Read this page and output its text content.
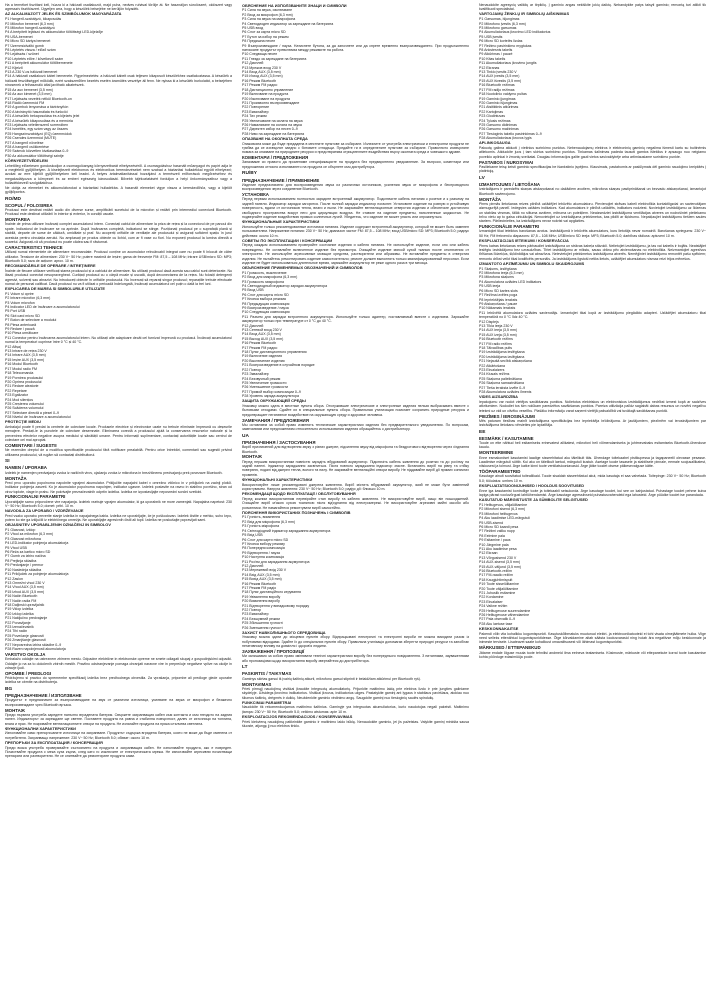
Ha a terméket tisztítani kell, húzza ki a hálózati csatlakozót, majd puha, nedves ruhával törölje át. Ne használjon súrolószert, oldószert vagy agresszív tisztítószert. Ügyeljen arra, hogy a készülék belsejébe ne kerüljön folyadék.
AZ ALKALMAZOTT JELEK ÉS SZIMBÓLUMOK MAGYARÁZATA
P1 Hangerő-szabályzó, kikapcsolás
P2 Mikrofon bemenet (6,3 mm)
P3 Mikrofon hangerő-szabályzó
P4 A beépített lejátszó és akkumulátor töltöttségi LED-kijelzője
P5 USA-bemenet
P6 Micro SD kártya bemenet
P7 Üzemmódváltó gomb
P8 Léptetés vissza / előző szám
P9 Lejátszás / szünet
P10 Léptetés előre / következő szám
P11 A beépített akkumulátor töltőbemenete
P12 Kijelző
P13 A 230 V-os hálózati bemenet
P14 A hálózati csatlakozó kábel bemenete. Figyelmeztetés: a hálózati kábelt csak teljesen kikapcsolt készülékhez csatlakoztassa. A készülék a hálózati feszültséggel működik, ezért szakszerűtlen kezelés esetén áramütés veszélye áll fenn. Ne nyissa ki a készülék burkolatát, a belsejében nincsenek a felhasználó által javítható alkatrészek.
P15 Az aux bemenet (3,5 mm)
P16 Az aux kimenet (3,5 mm)
P17 Lejátszás vezeték nélkül Bluetooth-on
P18 Rádió üzemmód FM
P19 A gombok lenyomása a távirányítón
P20 A távirányító használata és funkciói
P21 A készülék bekapcsolása és a kijelzés jelei
P22 A készülék kikapcsolása és a memória
P23 Lejátszás véletlenszerű sorrendben
P24 Ismétlés, egy szám vagy az összes
P25 Hangszínszabályzó (EQ) üzemmódok
P26 Csendes üzemmód (MUTE)
P27 A hangerő növelése
P28 A hangerő csökkentése
P29 Számok közvetlen kiválasztása 0–9
P30 Az akkumulátor töltöttségi szintje
KÖRNYEZETVÉDELEM
Lehetőleg előzetesen gondoskodjon a csomagolóanyag környezetbarát elhelyezéséről. A csomagoláshoz használt műanyagot és papírt adja le a megfelelő gyűjtőhelyen. A kiselejtezett elektromos és elektronikus berendezéseket nem szabad a háztartási hulladékkal együtt elhelyezni; azokat az erre kijelölt gyűjtőhelyeken kell leadni. A helyes ártalmatlanítással hozzájárul a természeti erőforrások megőrzéséhez és megakadályozza a környezet és az emberi egészség károsodását. Bővebb tájékoztatásért forduljon a helyi önkormányzathoz vagy a hulladékkezelő szolgáltatóhoz.
Ne dobja az elemeket és akkumulátorokat a háztartási hulladékba. A használt elemeket vigye vissza a kereskedőhöz, vagy a kijelölt gyűjtőpontra.
RO/MD
SCOPUL / FOLOSIREA
Produsul este destinat redării audio din diverse surse, amplificării sunetului de la microfon și redării prin intermediul conexiunii Bluetooth. Produsul este destinat utilizării în interior și exterior, în condiții uscate.
MONTAREA
Înainte de prima utilizare încărcați complet acumulatorul intern. Conectați cablul de alimentare la priza de rețea și la conectorul de pe panoul din spate. Indicatorul de încărcare se va aprinde. După încărcarea completă, indicatorul se stinge. Poziționați produsul pe o suprafață plană și stabilă, departe de surse de căldură, umiditate și praf. Nu acoperiți orificiile de ventilație ale produsului și asigurați suficient spațiu în jurul acestuia pentru circulația aerului. Nu amplasați pe produs obiecte cu lichid, cum ar fi vase cu flori. Nu expuneți produsul la lumina directă a soarelui. Asigurați-vă că produsul nu poate cădea sau fi răsturnat.
CARACTERISTICI TEHNICE
Utilizați numai elementele de alimentare recomandate. Produsul conține un acumulator reîncărcabil integrat care nu poate fi înlocuit de către utilizator. Tensiune de alimentare: 230 V~ 50 Hz; putere maximă de ieșire; gama de frecvențe FM: 87,5 – 108 MHz; intrare USB/micro SD: MP3; Bluetooth 5.0; raza de acțiune: aprox. 10 m.
RECOMANDĂRILE DE OPERARE / INTREȚINERE
Înainte de fiecare utilizare verificați starea produsului și a cablului de alimentare. Nu utilizați produsul dacă acesta sau cablul sunt deteriorate. Nu lăsați produsul conectat nesupravegheat. Curățați produsul cu o cârpă moale și uscată, după deconectarea de la rețea. Nu folosiți detergenți agresivi, solvenți sau abrazivi. Nu introduceți obiecte în orificiile produsului. Nu încercați să reparați singur produsul; reparațiile trebuie efectuate numai de personal calificat. Dacă produsul nu va fi utilizat o perioadă îndelungată, încărcați acumulatorul cel puțin o dată la trei luni.
EXPLICAREA DE MAREA SI SIMBOLURILE UTILIZATE
P1 Volum și oprire
P2 Intrare microfon (6,3 mm)
P3 Volum microfon
P4 Indicator LED de încărcare a acumulatorului
P5 Port USB
P6 Slot card micro SD
P7 Buton de selectare a modului
P8 Piesa anterioară
P9 Redare / pauză
P10 Piesa următoare
P11 Conector pentru încărcarea acumulatorului intern. Nu utilizați alte adaptoare decât cel furnizat împreună cu produsul. Încărcați acumulatorul numai la temperaturi cuprinse între 0 °C și 40 °C.
P12 Afișaj
P13 Intrare de rețea 230 V
P14 Intrare AUX (3,5 mm)
P15 Ieșire AUX (3,5 mm)
P16 Modul Bluetooth
P17 Modul radio FM
P18 Telecomanda
P19 Pornirea produsului
P20 Oprirea produsului
P21 Redare aleatorie
P22 Repetare
P23 Egalizator
P24 Mod silențios
P25 Creșterea volumului
P26 Scăderea volumului
P27 Selectare directă a piesei 0–9
P28 Nivelul de încărcare a acumulatorului
PROTECȚIE MEDIU
Ambalajul poate fi predat la centrele de colectare locale. Produsele electrice și electronice uzate nu trebuie eliminate împreună cu deșeurile menajere. Predați-le la punctele de colectare desemnate. Eliminarea corectă a produsului ajută la conservarea resurselor naturale și la prevenirea efectelor negative asupra mediului și sănătății umane. Pentru informații suplimentare, contactați autoritățile locale sau centrul de colectare cel mai apropiat.
COMENTARII / SUGESTII
Ne rezervăm dreptul de a modifica specificațiile produsului fără notificare prealabilă. Pentru orice întrebări, comentarii sau sugestii privind utilizarea produsului, vă rugăm să contactați distribuitorul.
SI
NAMEN / UPORABA
Izdelek je namenjen predvajanju zvoka iz različnih virov, ojačanju zvoka iz mikrofona in brezžičnemu predvajanju prek povezave Bluetooth.
MONTAŽA
Pred prvo uporabo popolnoma napolnite vgrajeni akumulator. Priključite napajalni kabel v omrežno vtičnico in v priključek na zadnji plošči. Indikator polnjenja zasveti. Ko je akumulator popolnoma napolnjen, indikator ugasne. Izdelek postavite na ravno in stabilno površino, stran od virov toplote, vlage in prahu. Ne pokrivajte prezračevalnih odprtin izdelka. Izdelka ne izpostavljajte neposredni sončni svetlobi.
FUNKCIONALNI PARAMETRI
Uporabljajte samo priporočene vire napajanja. Izdelek vsebuje vgrajen akumulator, ki ga uporabnik ne more zamenjati. Napajalna napetost: 230 V~ 50 Hz; Bluetooth 5.0; domet: pribl. 10 m.
NAVODILA ZA UPORABO / VZDRŽEVANJE
Pred vsako uporabo preverite stanje izdelka in napajalnega kabla. Izdelka ne uporabljajte, če je poškodovan. Izdelek čistite z mehko, suho krpo, potem ko ste ga izključili iz električnega omrežja. Ne uporabljajte agresivnih čistil ali topil. Izdelka ne poskušajte popravljati sami.
OBJASNITEV UPORABLJENIH OZNAČENJ IN SIMBOLOV
P1 Glasnost, izklop
P2 Vhod za mikrofon (6,3 mm)
P3 Glasnost mikrofona
P4 LED-indikator polnjenja akumulatorja
P5 Vhod USB
P6 Reža za kartico micro SD
P7 Gumb za izbiro načina
P8 Prejšnja skladba
P9 Predvajanje / premor
P10 Naslednja skladba
P11 Priključek za polnjenje akumulatorja
P12 Zaslon
P13 Omrežni vhod 230 V
P14 Vhod AUX (3,5 mm)
P15 Izhod AUX (3,5 mm)
P16 Način Bluetooth
P17 Način radia FM
P18 Daljinski upravljalnik
P19 Vklop izdelka
P20 Izklop izdelka
P21 Naključno predvajanje
P22 Ponavljanje
P23 Izenačevalnik
P24 Tihi način
P25 Povečanje glasnosti
P26 Zmanjšanje glasnosti
P27 Neposredna izbira skladbe 0–9
P28 Raven napolnjenosti akumulatorja
VARSTVO OKOLJA
Embalažo oddajte na ustreznem zbirnem mestu. Odpadne električne in elektronske opreme ne smete odlagati skupaj z gospodinjskimi odpadki. Oddajte jo na za to določenih zbirnih mestih. Pravilno odstranjevanje pomaga ohranjati naravne vire in preprečuje negativne vplive na okolje in zdravje ljudi.
OPOMBE / PREDLOGI
Pridržujemo si pravico do spremembe specifikacij izdelka brez predhodnega obvestila. Za vprašanja, pripombe ali predloge glede uporabe izdelka se obrnite na distributerja.
BG
ПРЕДНАЗНАЧЕНИЕ / ИЗПОЛЗВАНЕ
Продуктът е предназначен за възпроизвеждане на звук от различни източници, усилване на звука от микрофон и безжично възпроизвеждане чрез Bluetooth връзка.
МОНТАЖ
Преди първата употреба заредете напълно вградената батерия. Свържете захранващия кабел към контакта и към гнездото на задния панел. Индикаторът за зареждане ще светне. Поставете продукта на равна и стабилна повърхност, далеч от източници на топлина, влага и прах. Не покривайте вентилационните отвори на продукта. Не излагайте продукта на пряка слънчева светлина.
ФУНКЦИОНАЛНИ ХАРАКТЕРИСТИКИ
Използвайте само препоръчаните източници на захранване. Продуктът съдържа вградена батерия, която не може да бъде сменена от потребителя. Захранващо напрежение: 230 V~ 50 Hz; Bluetooth 5.0; обхват: около 10 m.
ПРЕПОРЪКИ ЗА ЕКСПЛОАТАЦИЯ / КОНСЕРВАЦИЯ
Преди всяка употреба проверявайте състоянието на продукта и захранващия кабел. Не използвайте продукта, ако е повреден. Почиствайте продукта с мека суха кърпа, след като го изключите от електрическата мрежа. Не използвайте агресивни почистващи препарати или разтворители. Не се опитвайте да ремонтирате продукта сами.
ОБЯСНЕНИЕ НА ИЗПОЛЗВАНИТЕ ЗНАЦИ И СИМВОЛИ
P1 Сила на звука, изключване
P2 Вход за микрофон (6,3 mm)
P3 Сила на звука на микрофона
P4 Светодиоден индикатор за зареждане на батерията
P5 USB вход
P6 Слот за карта micro SD
P7 Бутон за избор на режим
P8 Предишна песен
P9 Възпроизвеждане / пауза. Натиснете бутона, за да започнете или да спрете временно възпроизвеждането. При продължително натискане продуктът превключва между режимите на работа.
P10 Следваща песен
P11 Гнездо за зареждане на батерията
P12 Дисплей
P13 Мрежов вход 230 V
P14 Вход AUX (3,5 mm)
P15 Изход AUX (3,5 mm)
P16 Режим Bluetooth
P17 Режим FM радио
P18 Дистанционно управление
P19 Включване на продукта
P20 Изключване на продукта
P21 Произволно възпроизвеждане
P22 Повторение
P23 Еквалайзер
P24 Тих режим
P25 Увеличаване на силата на звука
P26 Намаляване на силата на звука
P27 Директен избор на песен 0–9
P28 Ниво на зареждане на батерията
ОПАЗВАНЕ НА ОКОЛНАТА СРЕДА
Опаковката може да бъде предадена в местните пунктове за събиране. Излезлите от употреба електрически и електронни продукти не трябва да се изхвърлят заедно с битовите отпадъци. Предайте ги в определените пунктове за събиране. Правилното изхвърляне помага за опазване на природните ресурси и предотвратява отрицателните въздействия върху околната среда и човешкото здраве.
КОМЕНТАРИ / ПРЕДЛОЖЕНИЯ
Запазваме си правото да променяме спецификациите на продукта без предварително уведомление. За въпроси, коментари или предложения относно използването на продукта се обърнете към дистрибутора.
RU/BY
ПРЕДНАЗНАЧЕНИЕ / ПРИМЕНЕНИЕ
Изделие предназначено для воспроизведения звука из различных источников, усиления звука от микрофона и беспроводного воспроизведения через соединение Bluetooth.
УСТАНОВКА
Перед первым использованием полностью зарядите встроенный аккумулятор. Подключите кабель питания к розетке и к разъему на задней панели. Индикатор зарядки загорится. После полной зарядки индикатор погаснет. Установите изделие на ровную и устойчивую поверхность, вдали от источников тепла, влаги и пыли. Не закрывайте вентиляционные отверстия изделия и обеспечьте достаточно свободного пространства вокруг него для циркуляции воздуха. Не ставьте на изделие предметы, наполненные жидкостью. Не подвергайте изделие воздействию прямых солнечных лучей. Убедитесь, что изделие не может упасть или опрокинуться.
ФУНКЦИОНАЛЬНЫЕ ХАРАКТЕРИСТИКИ
Используйте только рекомендованные источники питания. Изделие содержит встроенный аккумулятор, который не может быть заменен пользователем. Напряжение питания: 230 V~ 50 Hz; диапазон частот FM: 87,5 – 108 MHz; вход USB/micro SD: MP3; Bluetooth 5.0; радиус действия: около 10 m.
СОВЕТЫ ПО ЭКСПЛУАТАЦИИ / КОНСЕРВАЦИИ
Перед каждым использованием проверяйте состояние изделия и кабеля питания. Не используйте изделие, если оно или кабель повреждены. Не оставляйте включенное изделие без присмотра. Очищайте изделие мягкой сухой тканью после отключения от электросети. Не используйте агрессивные моющие средства, растворители или абразивы. Не вставляйте предметы в отверстия изделия. Не пытайтесь ремонтировать изделие самостоятельно; ремонт должен выполнять только квалифицированный персонал. Если изделие не будет использоваться длительное время, заряжайте аккумулятор не реже одного раза в три месяца.
ОБЪЯСНЕНИЕ ПРИМЕНЯЕМЫХ ОБОЗНАЧЕНИЙ И СИМВОЛОВ
P1 Громкость, выключение
P2 Вход для микрофона (6,3 mm)
P3 Громкость микрофона
P4 Светодиодный индикатор зарядки аккумулятора
P5 Вход USB
P6 Слот для карты micro SD
P7 Кнопка выбора режима
P8 Предыдущая композиция
P9 Воспроизведение / пауза
P10 Следующая композиция
P11 Разъем для зарядки встроенного аккумулятора. Используйте только адаптер, поставляемый вместе с изделием. Заряжайте аккумулятор только при температуре от 0 °C до 40 °C.
P12 Дисплей
P13 Сетевой вход 230 V
P14 Вход AUX (3,5 mm)
P15 Выход AUX (3,5 mm)
P16 Режим Bluetooth
P17 Режим FM радио
P18 Пульт дистанционного управления
P19 Включение изделия
P20 Выключение изделия
P21 Воспроизведение в случайном порядке
P22 Повтор
P23 Эквалайзер
P24 Беззвучный режим
P25 Увеличение громкости
P26 Уменьшение громкости
P27 Прямой выбор композиции 0–9
P28 Уровень заряда аккумулятора
ЗАЩИТА ОКРУЖАЮЩЕЙ СРЕДЫ
Упаковку можно сдать в местные пункты сбора. Отслужившие электрические и электронные изделия нельзя выбрасывать вместе с бытовыми отходами. Сдайте их в специальные пункты сбора. Правильная утилизация помогает сохранить природные ресурсы и предотвращает негативное воздействие на окружающую среду и здоровье человека.
ЗАМЕЧАНИЯ / ПРЕДЛОЖЕНИЯ
Мы оставляем за собой право изменять технические характеристики изделия без предварительного уведомления. По вопросам, замечаниям или предложениям относительно использования изделия обращайтесь к дистрибьютору.
UA
ПРИЗНАЧЕННЯ / ЗАСТОСУВАННЯ
Виріб призначений для відтворення звуку з різних джерел, підсилення звуку від мікрофона та бездротового відтворення через з'єднання Bluetooth.
МОНТАЖ
Перед першим використанням повністю зарядіть вбудований акумулятор. Підключіть кабель живлення до розетки та до роз'єму на задній панелі. Індикатор заряджання засвітиться. Після повного заряджання індикатор згасне. Встановіть виріб на рівну та стійку поверхню, подалі від джерел тепла, вологи та пилу. Не закривайте вентиляційні отвори виробу. Не піддавайте виріб дії прямих сонячних променів.
ФУНКЦІОНАЛЬНІ ХАРАКТЕРИСТИКИ
Використовуйте лише рекомендовані джерела живлення. Виріб містить вбудований акумулятор, який не може бути замінений користувачем. Напруга живлення: 230 V~ 50 Hz; Bluetooth 5.0; радіус дії: близько 10 m.
РЕКОМЕНДАЦІЇ ЩОДО ЕКСПЛУАТАЦІЇ / ОБСЛУГОВУВАННЯ
Перед кожним використанням перевіряйте стан виробу та кабелю живлення. Не використовуйте виріб, якщо він пошкоджений. Очищайте виріб м'якою сухою тканиною після від'єднання від електромережі. Не використовуйте агресивні мийні засоби або розчинники. Не намагайтеся ремонтувати виріб самостійно.
ПОЯСНЕННЯ ВИКОРИСТАНИХ ПОЗНАЧЕНЬ І СИМВОЛІВ
P1 Гучність, вимкнення
P2 Вхід для мікрофона (6,3 mm)
P3 Гучність мікрофона
P4 Світлодіодний індикатор заряджання акумулятора
P5 Вхід USB
P6 Слот для карти micro SD
P7 Кнопка вибору режиму
P8 Попередня композиція
P9 Відтворення / пауза
P10 Наступна композиція
P11 Роз'єм для заряджання акумулятора
P12 Дисплей
P13 Мережевий вхід 230 V
P14 Вхід AUX (3,5 mm)
P15 Вихід AUX (3,5 mm)
P16 Режим Bluetooth
P17 Режим FM радіо
P18 Пульт дистанційного керування
P19 Увімкнення виробу
P20 Вимкнення виробу
P21 Відтворення у випадковому порядку
P22 Повтор
P23 Еквалайзер
P24 Безшумний режим
P25 Збільшення гучності
P26 Зменшення гучності
ЗАХИСТ НАВКОЛИШНЬОГО СЕРЕДОВИЩА
Упаковку можна здати до місцевих пунктів збору. Відпрацьовані електричні та електронні вироби не можна викидати разом із побутовими відходами. Здайте їх до спеціальних пунктів збору. Правильна утилізація допомагає зберегти природні ресурси та запобігає негативному впливу на довкілля і здоров'я людини.
ЗАУВАЖЕННЯ / ПРОПОЗИЦІЇ
Ми залишаємо за собою право змінювати технічні характеристики виробу без попереднього повідомлення. З питаннями, зауваженнями або пропозиціями щодо використання виробу звертайтеся до дистриб'ютора.
LT
PASKIRTIS / TAIKYMAS
Gaminys skirtas garsui iš įvairių šaltinių atkurti, mikrofono garsui stiprinti ir belaidžiam atkūrimui per Bluetooth ryšį.
MONTAVIMAS
Prieš pirmąjį naudojimą visiškai įkraukite integruotą akumuliatorių. Prijunkite maitinimo laidą prie elektros lizdo ir prie jungties galiniame skydelyje. Užsidegs įkrovimo indikatorius. Visiškai įkrovus, indikatorius užges. Pastatykite gaminį ant lygaus ir stabilaus paviršiaus, atokiau nuo šilumos šaltinių, drėgmės ir dulkių. Neuždenkite gaminio vėdinimo angų. Saugokite gaminį nuo tiesioginių saulės spindulių.
FUNKCINIAI PARAMETRAI
Naudokite tik rekomenduojamus maitinimo šaltinius. Gaminyje yra integruotas akumuliatorius, kurio naudotojas negali pakeisti. Maitinimo įtampa: 230 V~ 50 Hz; Bluetooth 5.0; veikimo atstumas: apie 10 m.
EKSPLOATACIJOS REKOMENDACIJOS / KONSERVAVIMAS
Prieš kiekvieną naudojimą patikrinkite gaminio ir maitinimo laido būklę. Nenaudokite gaminio, jei jis pažeistas. Valykite gaminį minkšta sausa šluoste, atjungę jį nuo elektros tinklo.
Nenaudokite agresyvių valiklių ar tirpiklių. Į gaminio angas nekiškite jokių daiktų. Nebandykite patys taisyti gaminio; remontą turi atlikti tik kvalifikuoti specialistai.
VARTOJAMŲ ŽENKLŲ IR SIMBOLIŲ AIŠKINIMAS
P1 Garsumas, išjungimas
P2 Mikrofono įvestis (6,3 mm)
P3 Mikrofono garsumas
P4 Akumuliatoriaus įkrovimo LED indikatorius
P5 USB įvestis
P6 Micro SD kortelės lizdas
P7 Režimo pasirinkimo mygtukas
P8 Ankstesnis takelis
P9 Atkūrimas / pauzė
P10 Kitas takelis
P11 Akumuliatoriaus įkrovimo jungtis
P12 Ekranas
P13 Tinklo įvestis 230 V
P14 AUX įvestis (3,5 mm)
P15 AUX išvestis (3,5 mm)
P16 Bluetooth režimas
P17 FM radijo režimas
P18 Nuotolinio valdymo pultas
P19 Gaminio įjungimas
P20 Gaminio išjungimas
P21 Atsitiktinis atkūrimas
P22 Kartojimas
P23 Glodintuvas
P24 Tylusis režimas
P25 Garsumo didinimas
P26 Garsumo mažinimas
P27 Tiesioginis takelio pasirinkimas 0–9
P28 Akumuliatoriaus įkrovos lygis
APLINKOSAUGA
Pakuotę galima atiduoti į vietinius surinkimo punktus. Nebenaudojamų elektros ir elektroninių gaminių negalima išmesti kartu su buitinėmis atliekomis. Atiduokite juos į tam skirtus surinkimo punktus. Tinkamas šalinimas padeda tausoti gamtos išteklius ir apsaugo nuo neigiamo poveikio aplinkai ir žmonių sveikatai. Daugiau informacijos galite gauti vietos savivaldybėje arba artimiausiame surinkimo punkte.
PASTABOS / NUROSYMAI
Pasiliekame teisę keisti gaminio specifikacijas be išankstinio įspėjimo. Klausimais, pastabomis ar pasiūlymais dėl gaminio naudojimo kreipkitės į platintoją.
LV
IZMANTOJUMS / LIETOŠANA
Izstrādājums ir paredzēts skaņas atskaņošanai no dažādiem avotiem, mikrofona skaņas pastiprināšanai un bezvadu atskaņošanai, izmantojot Bluetooth savienojumu.
MONTĀŽA
Pirms pirmās lietošanas reizes pilnībā uzlādējiet iebūvēto akumulatoru. Pievienojiet strāvas kabeli elektrotīkla kontaktligzdai un savienotājam aizmugurējā panelī. Iedegsies uzlādes indikators. Kad akumulators ir pilnībā uzlādēts, indikators nodziest. Novietojiet izstrādājumu uz līdzenas un stabilas virsmas, tālāk no siltuma avotiem, mitruma un putekļiem. Neaizsedziet izstrādājuma ventilācijas atveres un nodrošiniet pietiekamu brīvu vietu ap to gaisa cirkulācijai. Nenovietojiet uz izstrādājuma priekšmetus, kas pildīti ar šķidrumu. Nepakļaujiet izstrādājumu tiešiem saules stariem. Pārliecinieties, ka izstrādājums nevar nokrist vai apgāzties.
FUNKCIONĀLIE PARAMETRI
Izmantojiet tikai ieteiktos barošanas avotus. Izstrādājumā ir iebūvēts akumulators, kuru lietotājs nevar nomainīt. Barošanas spriegums: 230 V~ 50 Hz; FM frekvenču diapazons: 87,5 – 108 MHz; USB/micro SD ieeja: MP3; Bluetooth 5.0; darbības rādiuss: aptuveni 10 m.
EKSPLUATĀCIJAS IETEIKUMI / KONSERVĀCIJA
Pirms katras lietošanas reizes pārbaudiet izstrādājuma un strāvas kabeļa stāvokli. Nelietojiet izstrādājumu, ja tas vai kabelis ir bojāts. Neatstājiet ieslēgtu izstrādājumu bez uzraudzības. Tīriet izstrādājumu ar mīkstu, sausu drānu pēc atvienošanas no elektrotīkla. Neizmantojiet agresīvus tīrīšanas līdzekļus, šķīdinātājus vai abrazīvus. Neievietojiet priekšmetus izstrādājuma atverēs. Nemēģiniet izstrādājumu remontēt pašu spēkiem; remontu drīkst veikt tikai kvalificēts personāls. Ja izstrādājums ilgstoši netiks lietots, uzlādējiet akumulatoru vismaz reizi trijos mēnešos.
IZMANTOTO APZĪMĒJUMU UN SIMBOLU SKAIDROJUMS
P1 Skaļums, izslēgšana
P2 Mikrofona ieeja (6,3 mm)
P3 Mikrofona skaļums
P4 Akumulatora uzlādes LED indikators
P5 USB ieeja
P6 Micro SD kartes slots
P7 Režīma izvēles poga
P8 Iepriekšējais ieraksts
P9 Atskaņošana / pauze
P10 Nākamais ieraksts
P11 Iebūvētā akumulatora uzlādes savienotājs. Izmantojiet tikai kopā ar izstrādājumu piegādāto adapteri. Uzlādējiet akumulatoru tikai temperatūrā no 0 °C līdz 40 °C.
P12 Displejs
P13 Tīkla ieeja 230 V
P14 AUX ieeja (3,5 mm)
P15 AUX izeja (3,5 mm)
P16 Bluetooth režīms
P17 FM radio režīms
P18 Tālvadības pults
P19 Izstrādājuma ieslēgšana
P20 Izstrādājuma izslēgšana
P21 Nejaušā secībā atskaņošana
P22 Atkārtošana
P23 Ekvalaizers
P24 Klusais režīms
P25 Skaļuma palielināšana
P26 Skaļuma samazināšana
P27 Tieša ieraksta izvēle 0–9
P28 Akumulatora uzlādes līmenis
VIDES AIZSARDZĪBA
Iepakojumu var nodot vietējos savākšanas punktos. Nolietotus elektriskos un elektroniskos izstrādājumus nedrīkst izmest kopā ar sadzīves atkritumiem. Nododiet tos šim nolūkam paredzētos savākšanas punktos. Pareiza utilizācija palīdz saglabāt dabas resursus un novērš negatīvu ietekmi uz vidi un cilvēku veselību. Plašāku informāciju varat saņemt vietējā pašvaldībā vai tuvākajā savākšanas punktā.
PIEZĪMES / IEROSINĀJUMI
Mēs paturam tiesības mainīt izstrādājuma specifikācijas bez iepriekšēja brīdinājuma. Ar jautājumiem, piezīmēm vai ierosinājumiem par izstrādājuma lietošanu vērsieties pie izplatītāja.
EE
EESMÄRK / KASUTAMINE
Toode on ette nähtud heli esitamiseks erinevatest allikatest, mikrofoni heli võimendamiseks ja juhtmevabaks esitamiseks Bluetooth-ühenduse kaudu.
MONTEERIMINE
Enne esmakordset kasutamist laadige sisseehitatud aku täielikult täis. Ühendage toitekaabel pistikupessa ja tagapaneelil olevasse pesasse. Laadimise märgutuli süttib. Kui aku on täielikult laetud, märgutuli kustub. Asetage toode tasasele ja stabiilsele pinnale, eemale soojusallikatest, niiskusest ja tolmust. Ärge katke kinni toote ventilatsiooniavasid. Ärge jätke toodet otsese päikesevalguse kätte.
TÖÖPARAMEETRID
Kasutage ainult soovitatud toiteallikaid. Toode sisaldab sisseehitatud akut, mida kasutaja ei saa vahetada. Toitepinge: 230 V~ 50 Hz; Bluetooth 5.0; tööulatus: umbes 10 m.
EKSPLUATATSIOONIJUHISED / HOOLDUS SOOVITUSED
Enne iga kasutamist kontrollige toote ja toitekaabli seisukorda. Ärge kasutage toodet, kui see on kahjustatud. Puhastage toodet pehme kuiva lapiga pärast vooluvõrgust lahtiühendamist. Ärge kasutage agressiivseid puhastusvahendeid ega lahusteid. Ärge püüdke toodet ise parandada.
KASUTATUD MÄRGISTUSTE JA SÜMBOLITE SELGITUSED
P1 Helitugevus, väljalülitamine
P2 Mikrofoni sisend (6,3 mm)
P3 Mikrofoni helitugevus
P4 Aku laadimise LED-märgutuli
P5 USB-sisend
P6 Micro SD kaardi pesa
P7 Režiimi valiku nupp
P8 Eelmine pala
P9 Esitamine / paus
P10 Järgmine pala
P11 Aku laadimise pesa
P12 Ekraan
P13 Võrgusisend 230 V
P14 AUX-sisend (3,5 mm)
P15 AUX-väljund (3,5 mm)
P16 Bluetooth-režiim
P17 FM-raadio režiim
P18 Kaugjuhtimispult
P19 Toote sisselülitamine
P20 Toote väljalülitamine
P21 Juhuslik esitamine
P22 Kordamine
P23 Ekvalaiser
P24 Vaikne režiim
P25 Helitugevuse suurendamine
P26 Helitugevuse vähendamine
P27 Pala otsevalik 0–9
P28 Aku laetuse tase
KESKKONNAKAITSE
Pakendi võib viia kohalikku kogumispunkti. Kasutuskõlbmatuks muutunud elektri- ja elektroonikatooteid ei tohi visata olmejäätmete hulka. Viige need selleks ettenähtud kogumispunktidesse. Õige kõrvaldamine aitab säästa loodusvarasid ning hoiab ära negatiivse mõju keskkonnale ja inimeste tervisele. Lisateavet saate kohalikust omavalitsusest või lähimast kogumispunktist.
MÄRKUSED / ETTEPANEKUD
Jätame endale õiguse muuta toote tehnilisi andmeid ilma eelneva teatamiseta. Küsimuste, märkuste või ettepanekute korral toote kasutamise kohta pöörduge edasimüüja poole.
